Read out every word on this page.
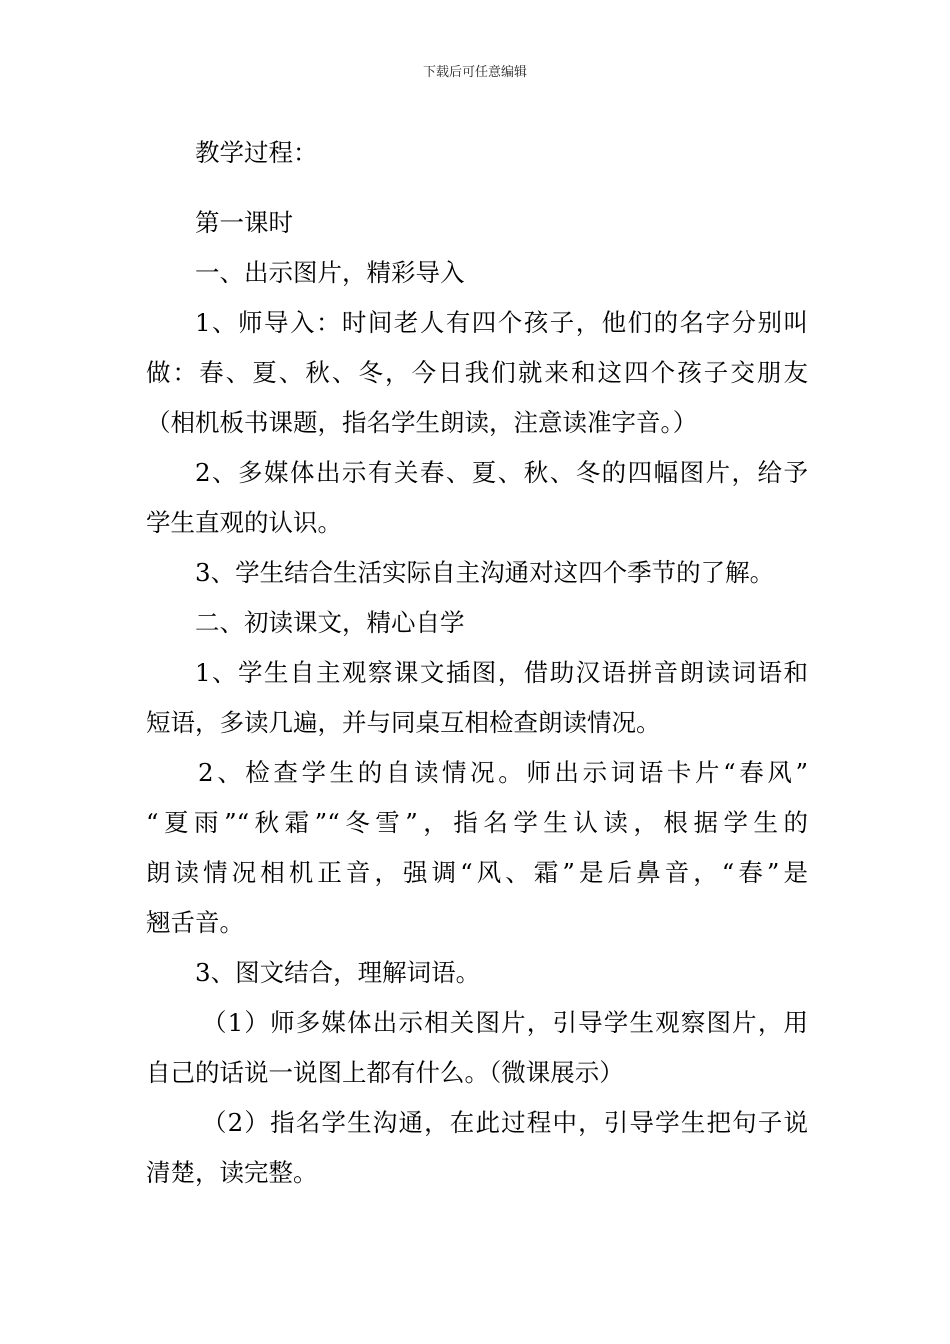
下载后可任意编辑

教学过程：

第一课时

一、出示图片，精彩导入

1、师导入：时间老人有四个孩子，他们的名字分别叫

做：春、夏、秋、冬，今日我们就来和这四个孩子交朋友

（相机板书课题，指名学生朗读，注意读准字音。）

2、多媒体出示有关春、夏、秋、冬的四幅图片，给予

学生直观的认识。

3、学生结合生活实际自主沟通对这四个季节的了解。

二、初读课文，精心自学

1、学生自主观察课文插图，借助汉语拼音朗读词语和

短语，多读几遍，并与同桌互相检查朗读情况。

2、检查学生的自读情况。师出示词语卡片“春风”

“夏雨”“秋霜”“冬雪”，指名学生认读，根据学生的

朗读情况相机正音，强调“风、霜”是后鼻音，“春”是

翘舌音。

3、图文结合，理解词语。

（1）师多媒体出示相关图片，引导学生观察图片，用

自己的话说一说图上都有什么。（微课展示）

（2）指名学生沟通，在此过程中，引导学生把句子说

清楚，读完整。
